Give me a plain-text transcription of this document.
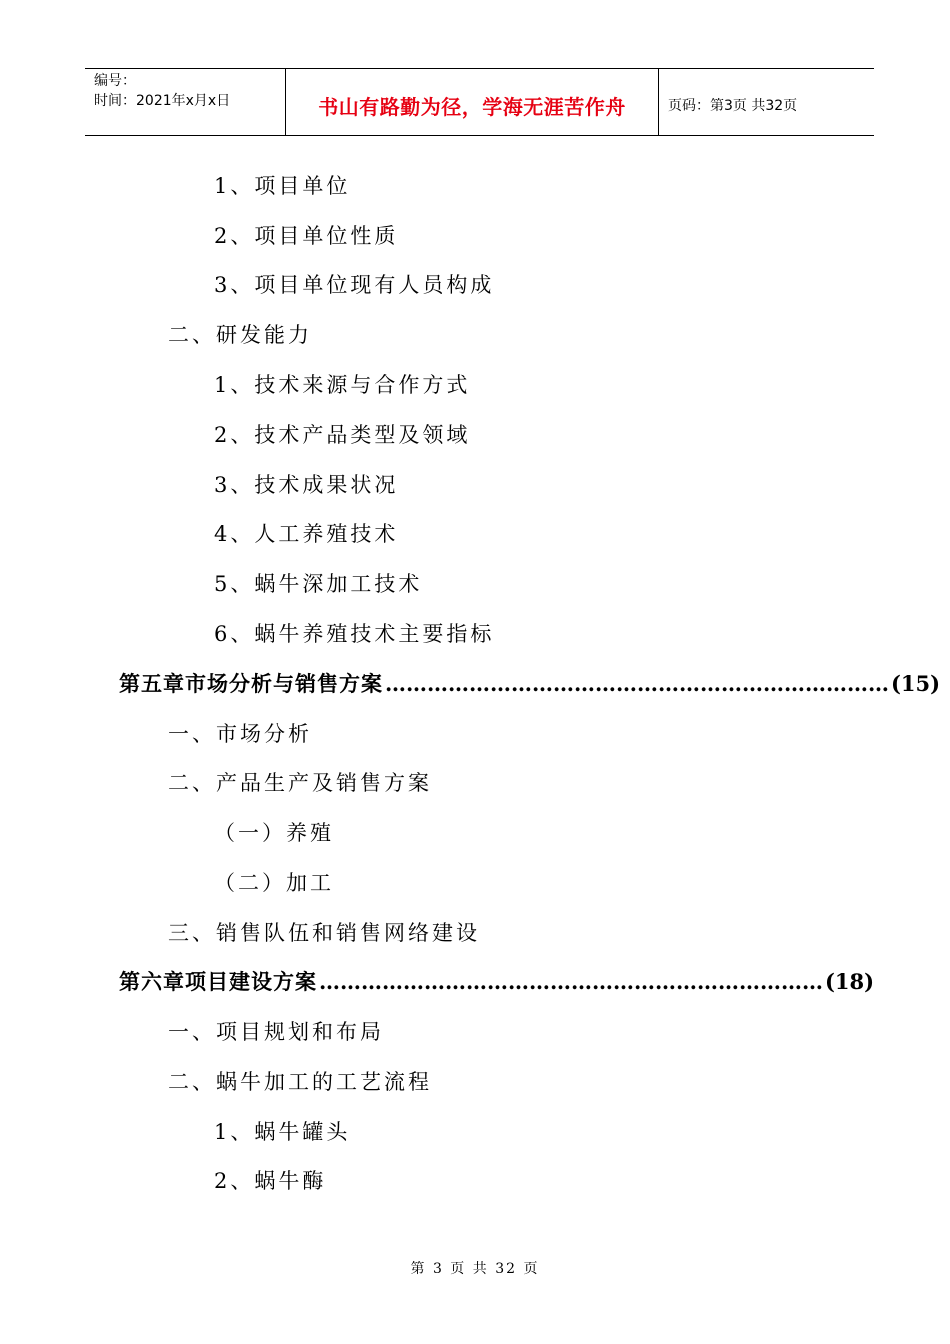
编号：
时间：2021年x月x日	书山有路勤为径，学海无涯苦作舟	页码：第3页 共32页
1、项目单位
2、项目单位性质
3、项目单位现有人员构成
二、研发能力
1、技术来源与合作方式
2、技术产品类型及领域
3、技术成果状况
4、人工养殖技术
5、蜗牛深加工技术
6、蜗牛养殖技术主要指标
第五章 市场分析与销售方案 ……………………………………………………………… (15)
一、市场分析
二、产品生产及销售方案
（一）养殖
（二）加工
三、销售队伍和销售网络建设
第六章 项目建设方案 ……………………………………………………………… (18)
一、项目规划和布局
二、蜗牛加工的工艺流程
1、蜗牛罐头
2、蜗牛酶
第 3 页 共 32 页
